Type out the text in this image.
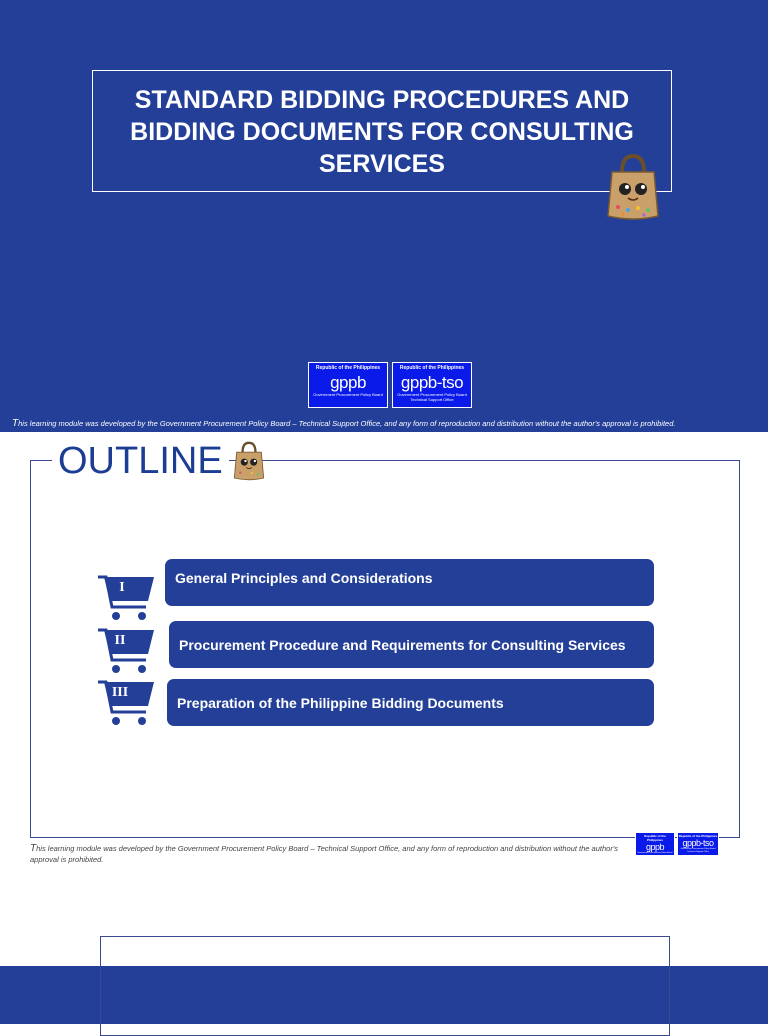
STANDARD BIDDING PROCEDURES AND BIDDING DOCUMENTS FOR CONSULTING SERVICES
Republic of the Philippines
gppb
Government Procurement Policy Board
Republic of the Philippines
gppb-tso
Government Procurement Policy Board Technical Support Office
This learning module was developed by the Government Procurement Policy Board – Technical Support Office, and any form of reproduction and distribution without the author's approval is prohibited.
OUTLINE
I
General Principles and Considerations
II	Procurement Procedure and Requirements for Consulting Services
III
Preparation of the Philippine Bidding Documents
This learning module was developed by the Government Procurement Policy Board – Technical Support Office, and any form of reproduction and distribution without the author's approval is prohibited.
Republic of the Philippines
gppb
Government Procurement Policy Board
Republic of the Philippines
gppb-tso
Government Procurement Policy Board Technical Support Office
